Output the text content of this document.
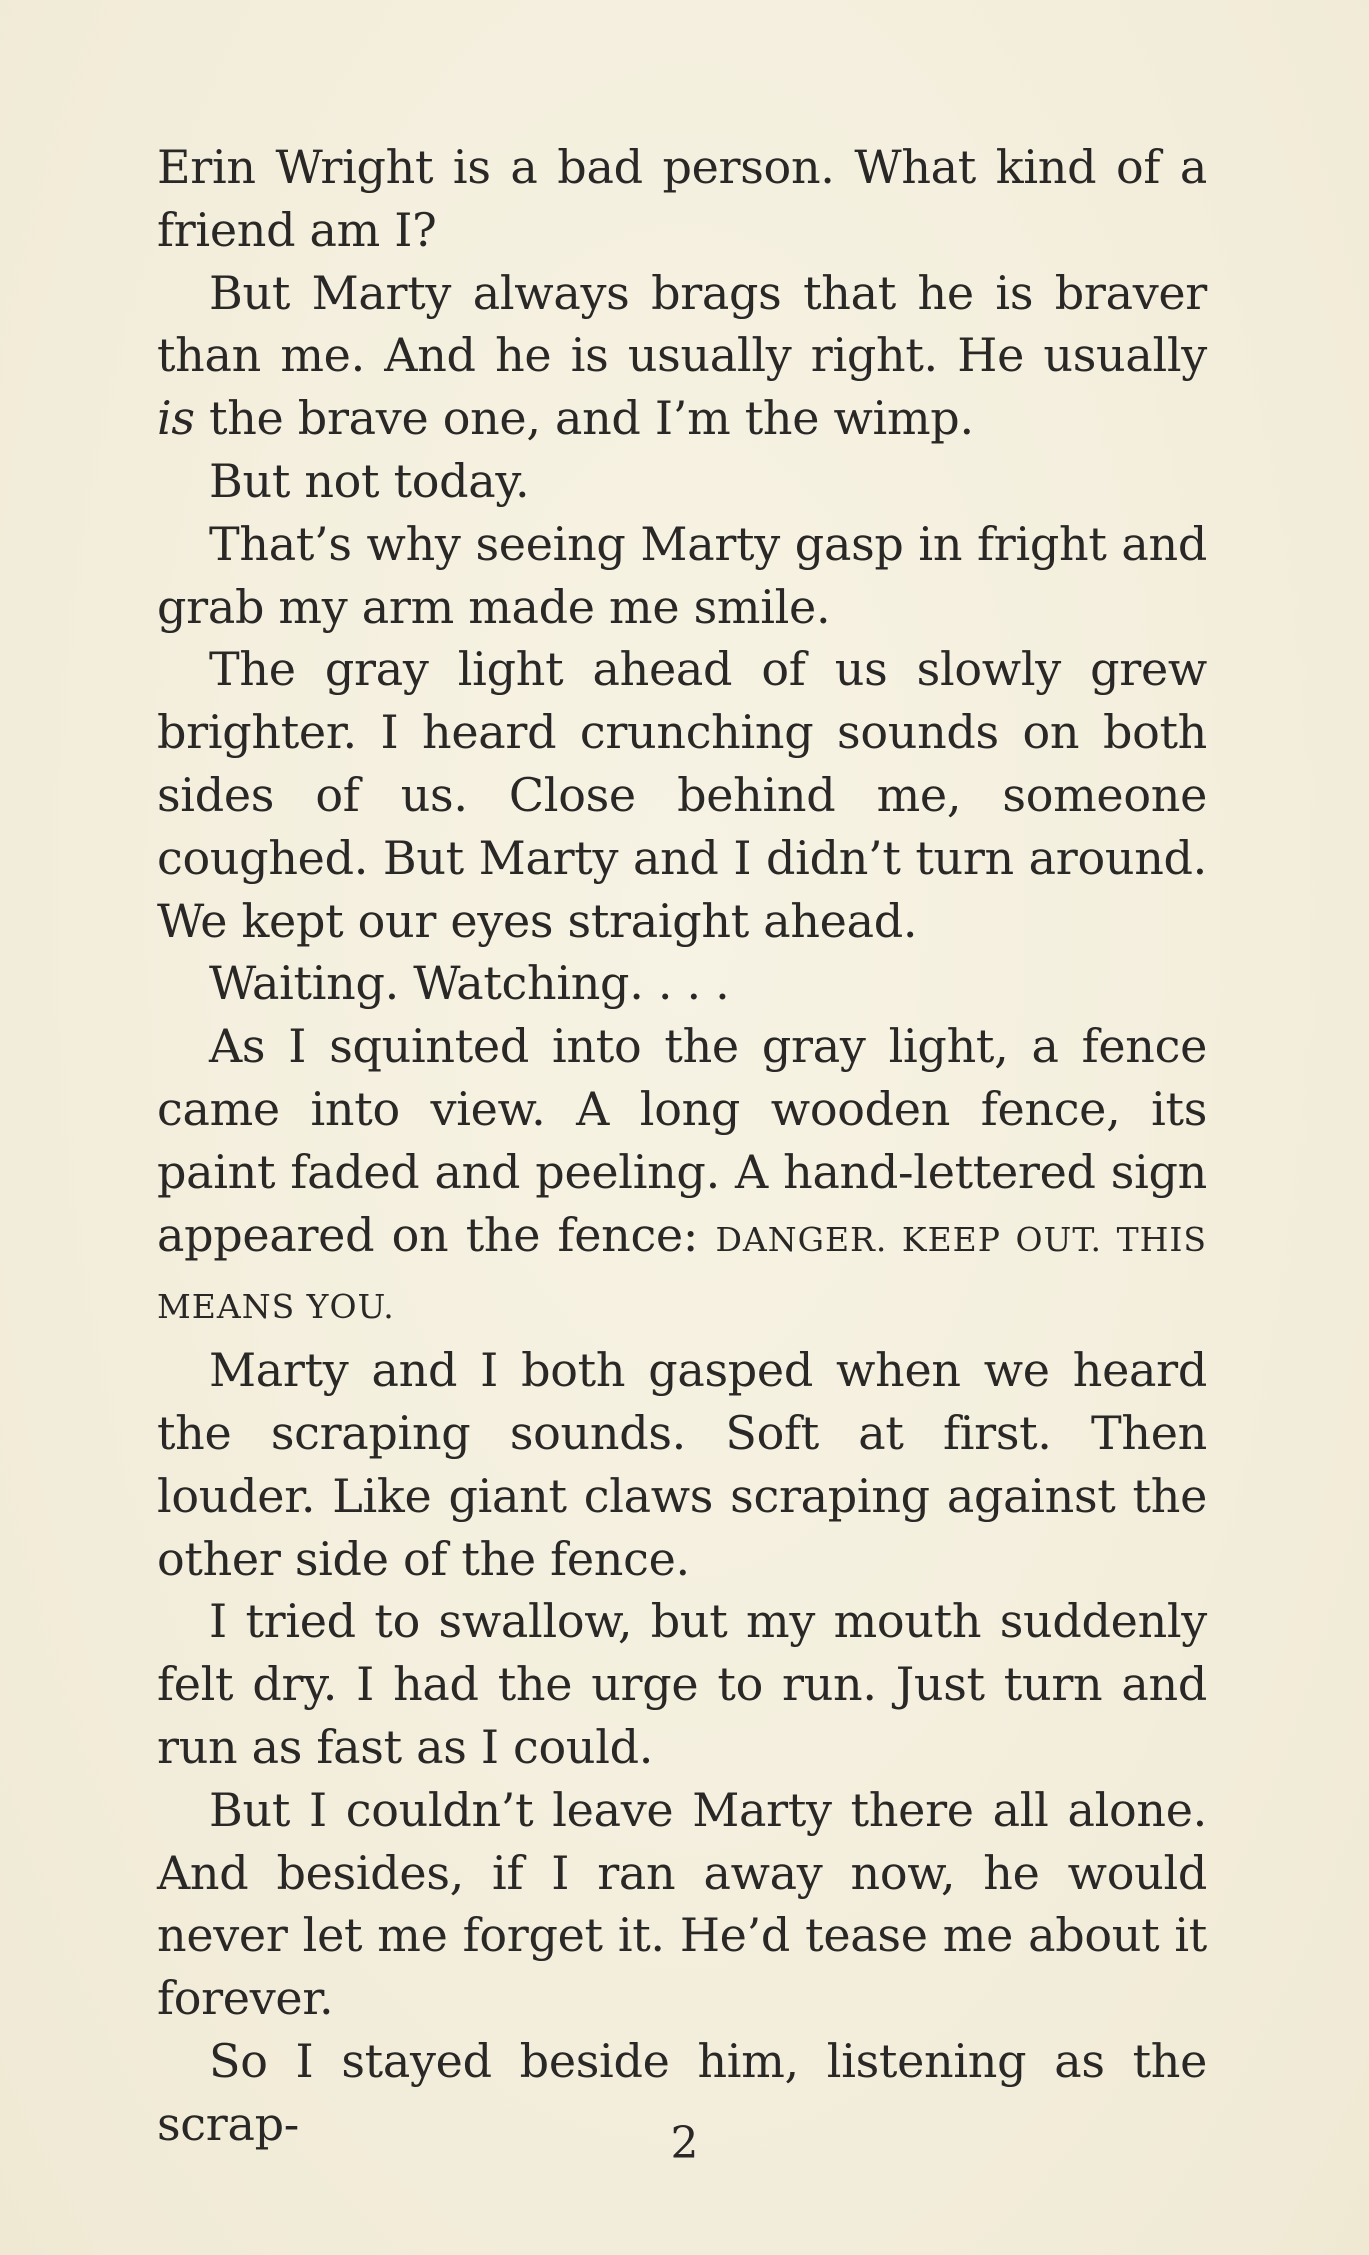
Erin Wright is a bad person. What kind of a friend am I?

But Marty always brags that he is braver than me. And he is usually right. He usually is the brave one, and I’m the wimp.

But not today.

That’s why seeing Marty gasp in fright and grab my arm made me smile.

The gray light ahead of us slowly grew brighter. I heard crunching sounds on both sides of us. Close behind me, someone coughed. But Marty and I didn’t turn around. We kept our eyes straight ahead.

Waiting. Watching. . . .

As I squinted into the gray light, a fence came into view. A long wooden fence, its paint faded and peeling. A hand-lettered sign appeared on the fence: DANGER. KEEP OUT. THIS MEANS YOU.

Marty and I both gasped when we heard the scraping sounds. Soft at first. Then louder. Like giant claws scraping against the other side of the fence.

I tried to swallow, but my mouth suddenly felt dry. I had the urge to run. Just turn and run as fast as I could.

But I couldn’t leave Marty there all alone. And besides, if I ran away now, he would never let me forget it. He’d tease me about it forever.

So I stayed beside him, listening as the scrap-	2
